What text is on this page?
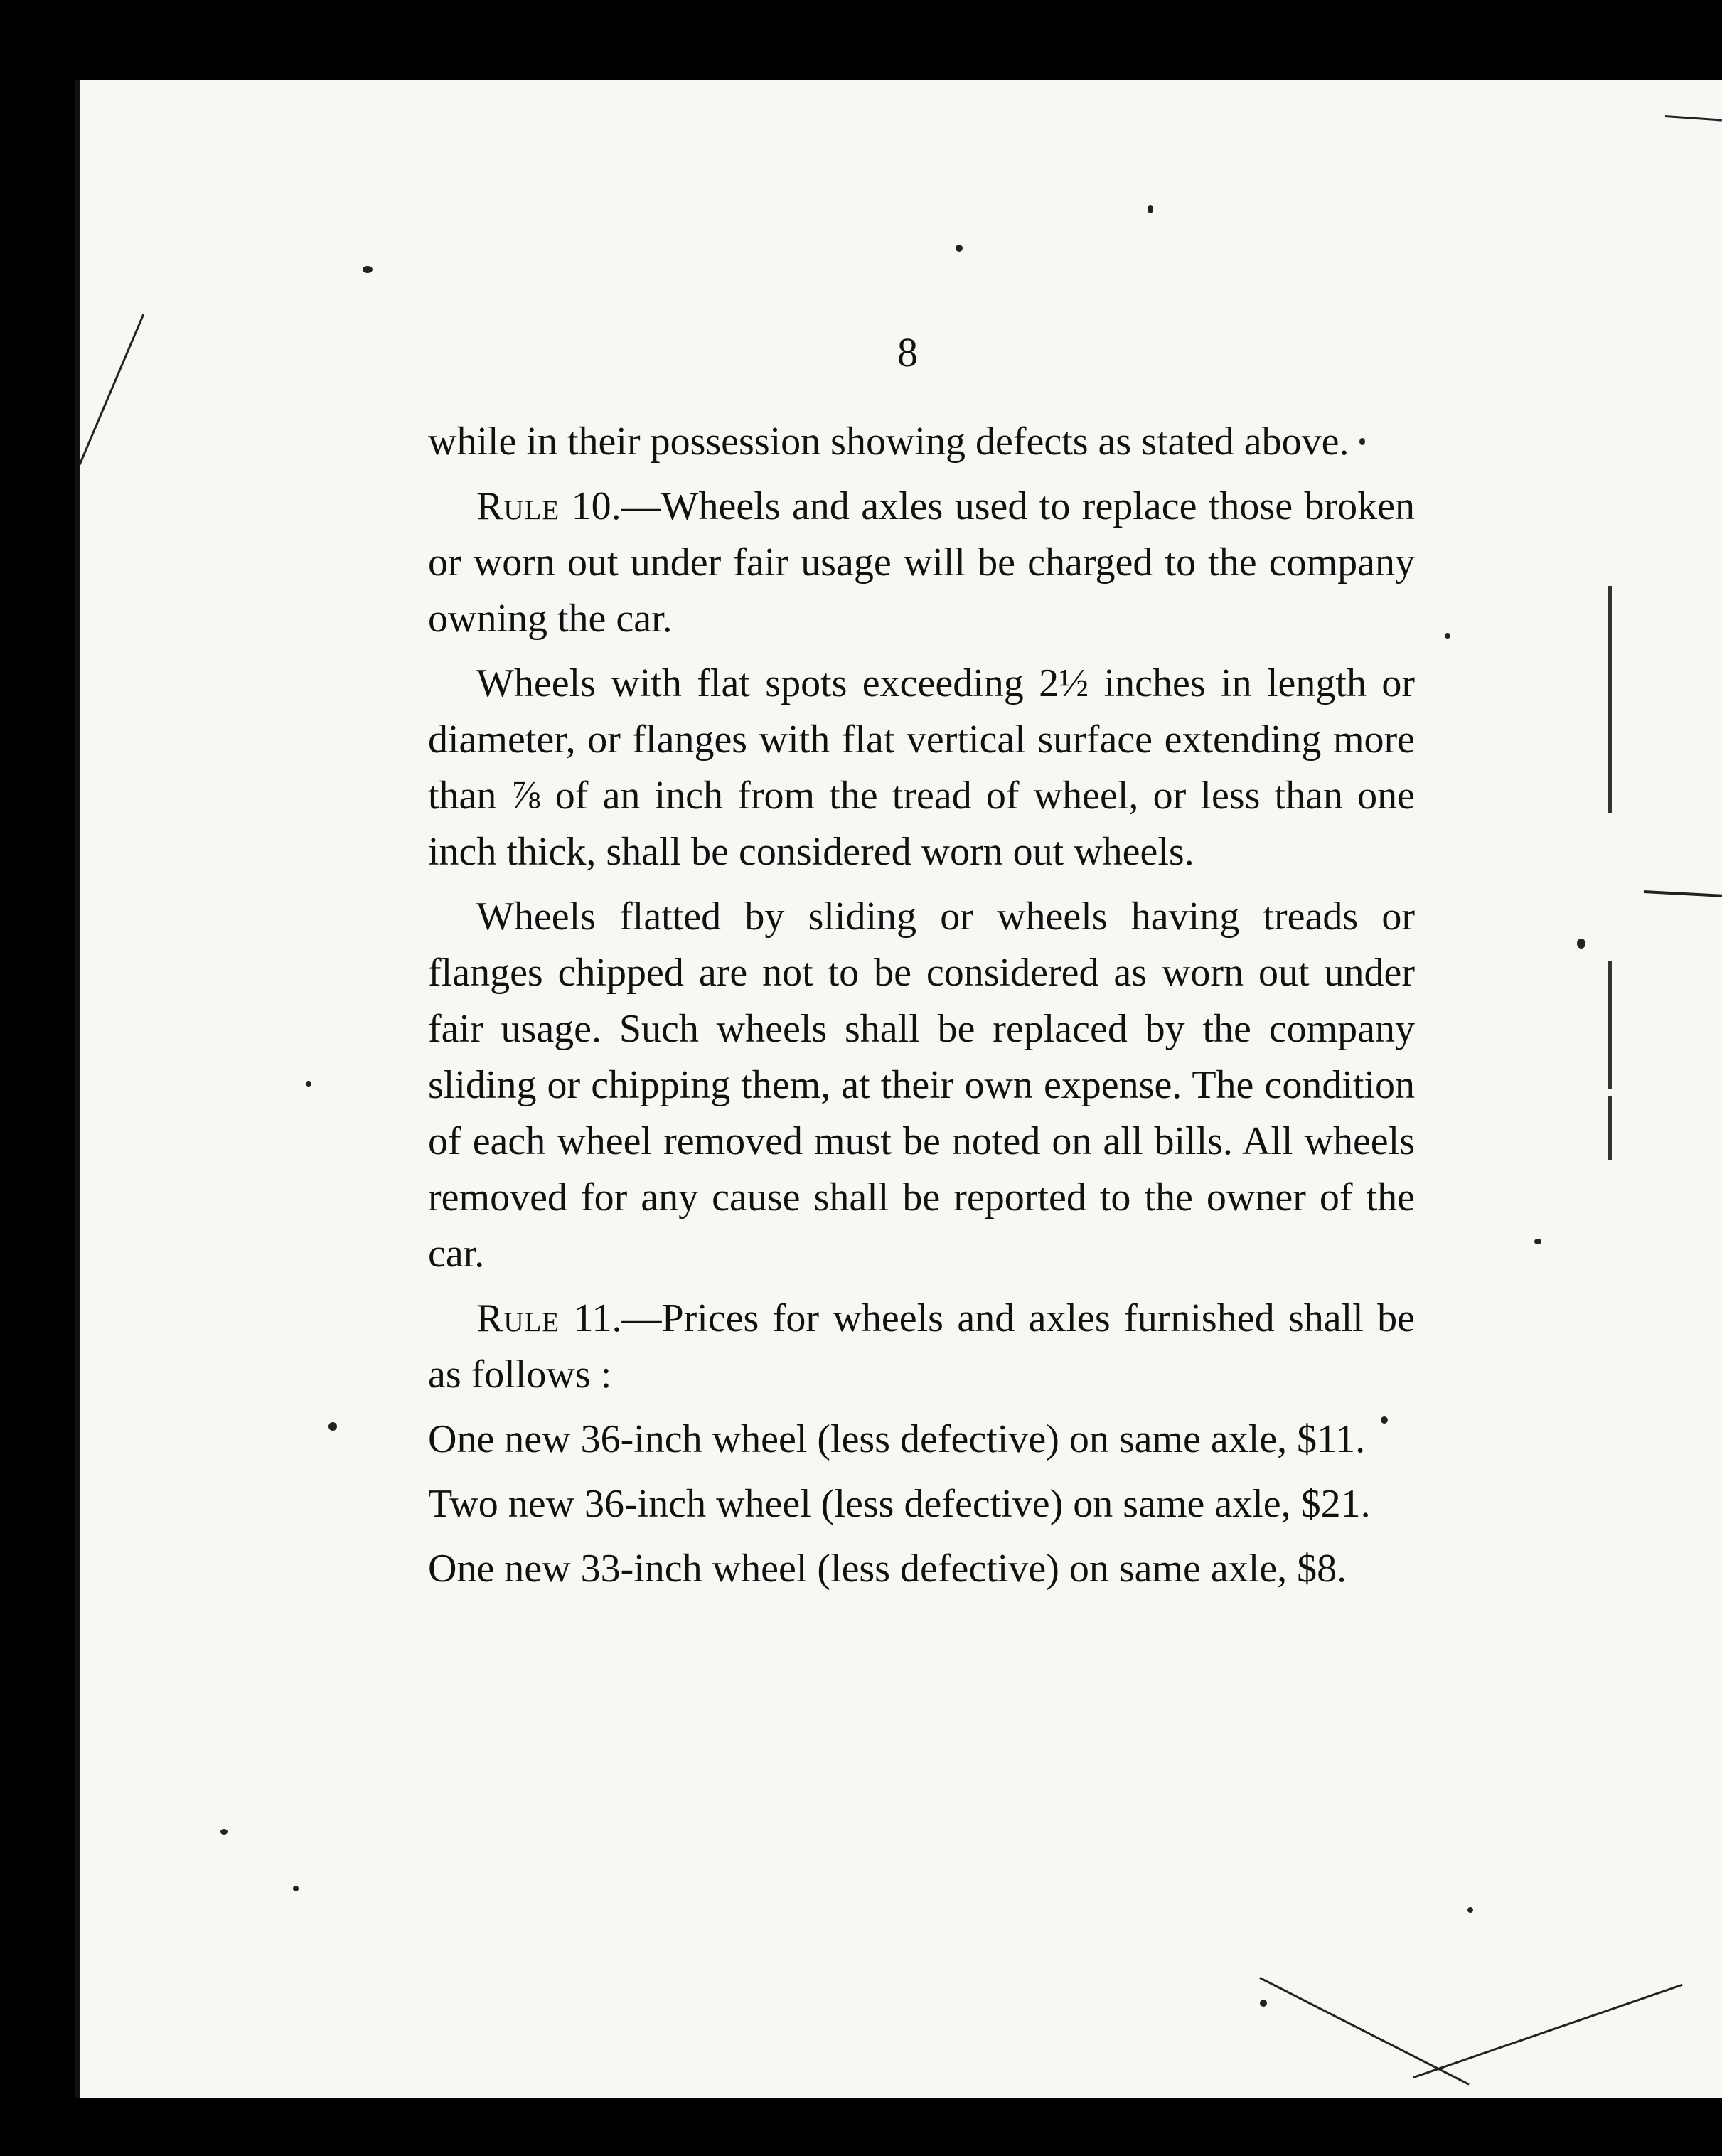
8

while in their possession showing defects as stated above.

Rule 10.—Wheels and axles used to replace those broken or worn out under fair usage will be charged to the company owning the car.

Wheels with flat spots exceeding 2½ inches in length or diameter, or flanges with flat vertical surface extending more than ⅞ of an inch from the tread of wheel, or less than one inch thick, shall be considered worn out wheels.

Wheels flatted by sliding or wheels having treads or flanges chipped are not to be considered as worn out under fair usage. Such wheels shall be replaced by the company sliding or chipping them, at their own expense. The condition of each wheel removed must be noted on all bills. All wheels removed for any cause shall be reported to the owner of the car.

Rule 11.—Prices for wheels and axles furnished shall be as follows :

One new 36-inch wheel (less defective) on same axle, $11.

Two new 36-inch wheel (less defective) on same axle, $21.

One new 33-inch wheel (less defective) on same axle, $8.
